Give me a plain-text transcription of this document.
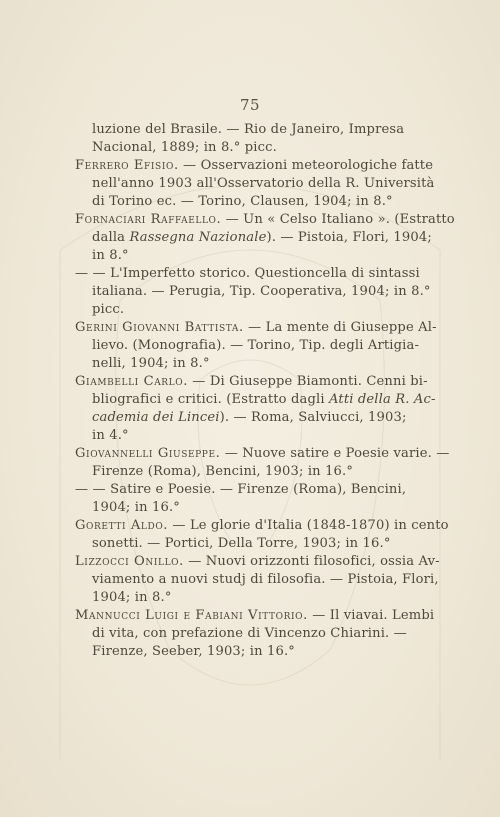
75
luzione del Brasile. — Rio de Janeiro, Impresa
Nacional, 1889; in 8.° picc.
Ferrero Efisio. — Osservazioni meteorologiche fatte
nell'anno 1903 all'Osservatorio della R. Università
di Torino ec. — Torino, Clausen, 1904; in 8.°
Fornaciari Raffaello. — Un « Celso Italiano ». (Estratto
dalla Rassegna Nazionale). — Pistoia, Flori, 1904;
in 8.°
— — L'Imperfetto storico. Questioncella di sintassi
italiana. — Perugia, Tip. Cooperativa, 1904; in 8.°
picc.
Gerini Giovanni Battista. — La mente di Giuseppe Al-
lievo. (Monografia). — Torino, Tip. degli Artigia-
nelli, 1904; in 8.°
Giambelli Carlo. — Di Giuseppe Biamonti. Cenni bi-
bliografici e critici. (Estratto dagli Atti della R. Ac-
cademia dei Lincei). — Roma, Salviucci, 1903;
in 4.°
Giovannelli Giuseppe. — Nuove satire e Poesie varie. —
Firenze (Roma), Bencini, 1903; in 16.°
— — Satire e Poesie. — Firenze (Roma), Bencini,
1904; in 16.°
Goretti Aldo. — Le glorie d'Italia (1848-1870) in cento
sonetti. — Portici, Della Torre, 1903; in 16.°
Lizzocci Onillo. — Nuovi orizzonti filosofici, ossia Av-
viamento a nuovi studj di filosofia. — Pistoia, Flori,
1904; in 8.°
Mannucci Luigi e Fabiani Vittorio. — Il viavai. Lembi
di vita, con prefazione di Vincenzo Chiarini. —
Firenze, Seeber, 1903; in 16.°
